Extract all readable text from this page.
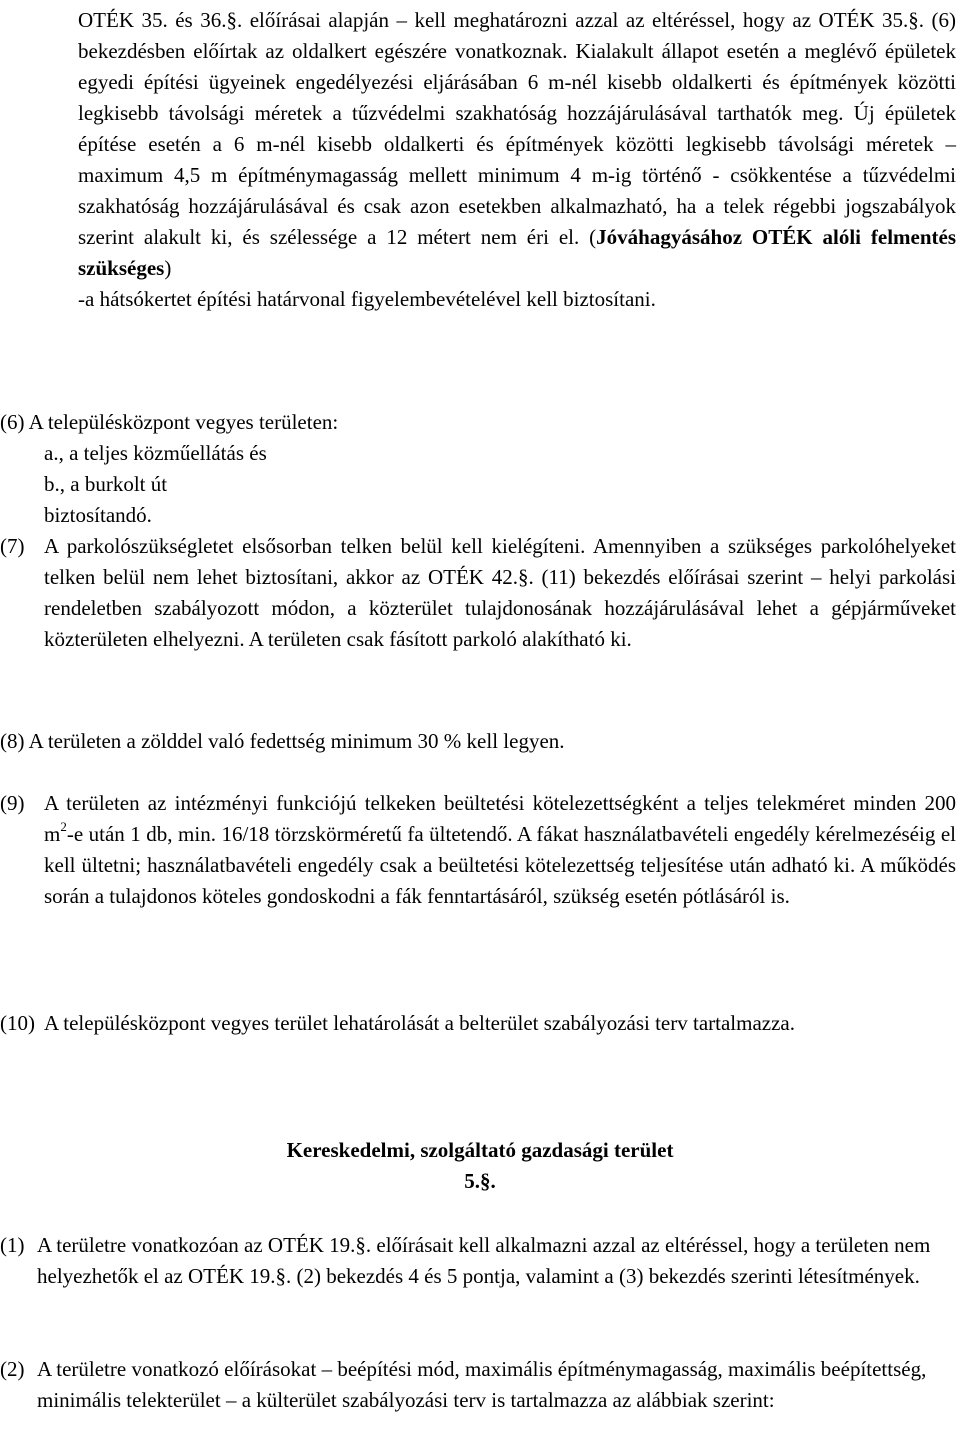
OTÉK 35. és 36.§. előírásai alapján – kell meghatározni azzal az eltéréssel, hogy az OTÉK 35.§. (6) bekezdésben előírtak az oldalkert egészére vonatkoznak. Kialakult állapot esetén a meglévő épületek egyedi építési ügyeinek engedélyezési eljárásában 6 m-nél kisebb oldalkerti és építmények közötti legkisebb távolsági méretek a tűzvédelmi szakhatóság hozzájárulásával tarthatók meg. Új épületek építése esetén a 6 m-nél kisebb oldalkerti és építmények közötti legkisebb távolsági méretek – maximum 4,5 m építménymagasság mellett minimum 4 m-ig történő - csökkentése a tűzvédelmi szakhatóság hozzájárulásával és csak azon esetekben alkalmazható, ha a telek régebbi jogszabályok szerint alakult ki, és szélessége a 12 métert nem éri el. (Jóváhagyásához OTÉK alóli felmentés szükséges)
-a hátsókertet építési határvonal figyelembevételével kell biztosítani.
(6) A településközpont vegyes területen:
a., a teljes közműellátás és
b., a burkolt út
biztosítandó.
(7) A parkolószükségletet elsősorban telken belül kell kielégíteni. Amennyiben a szükséges parkolóhelyeket telken belül nem lehet biztosítani, akkor az OTÉK 42.§. (11) bekezdés előírásai szerint – helyi parkolási rendeletben szabályozott módon, a közterület tulajdonosának hozzájárulásával lehet a gépjárműveket közterületen elhelyezni. A területen csak fásított parkoló alakítható ki.
(8) A területen a zölddel való fedettség minimum 30 % kell legyen.
(9) A területen az intézményi funkciójú telkeken beültetési kötelezettségként a teljes telekméret minden 200 $m^2-e$ után 1 db, min. 16/18 törzskörméretű fa ültetendő. A fákat használatbavételi engedély kérelmezéséig el kell ültetni; használatbavételi engedély csak a beültetési kötelezettség teljesítése után adható ki. A működés során a tulajdonos köteles gondoskodni a fák fenntartásáról, szükség esetén pótlásáról is.
(10) A településközpont vegyes terület lehatárolását a belterület szabályozási terv tartalmazza.
Kereskedelmi, szolgáltató gazdasági terület
5.§.
(1) A területre vonatkozóan az OTÉK 19.§. előírásait kell alkalmazni azzal az eltéréssel, hogy a területen nem helyezhetők el az OTÉK 19.§. (2) bekezdés 4 és 5 pontja, valamint a (3) bekezdés szerinti létesítmények.
(2) A területre vonatkozó előírásokat – beépítési mód, maximális építménymagasság, maximális beépítettség, minimális telekterület – a külterület szabályozási terv is tartalmazza az alábbiak szerint:
